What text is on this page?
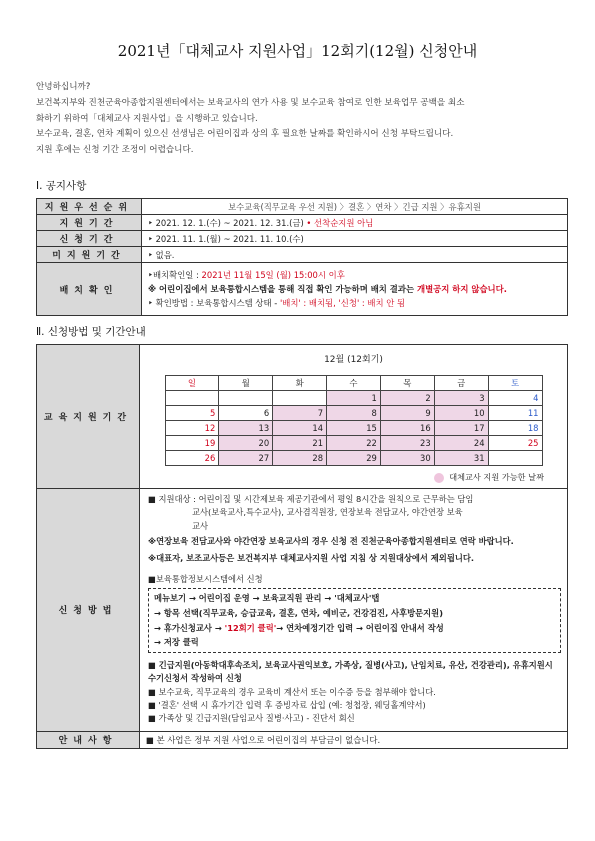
2021년「대체교사 지원사업」12회기(12월) 신청안내

안녕하십니까?

보건복지부와 진천군육아종합지원센터에서는 보육교사의 연가 사용 및 보수교육 참여로 인한 보육업무 공백을 최소

화하기 위하여「대체교사 지원사업」을 시행하고 있습니다.

보수교육, 결혼, 연차 계획이 있으신 선생님은 어린이집과 상의 후 필요한 날짜를 확인하시어 신청 부탁드립니다.

지원 후에는 신청 기간 조정이 어렵습니다.

Ⅰ. 공지사항
지원우선순위	보수교육(직무교육 우선 지원) 〉결혼 〉연차 〉긴급 지원 〉유휴지원
지원기간	‣ 2021. 12. 1.(수) ~ 2021. 12. 31.(금) • 선착순지원 아님
신청기간	‣ 2021. 11. 1.(월) ~ 2021. 11. 10.(수)
미지원기간	‣ 없음.
배치확인	‣배치확인일 : 2021년 11월 15일 (월) 15:00시 이후
※ 어린이집에서 보육통합시스템을 통해 직접 확인 가능하며 배치 결과는 개별공지 하지 않습니다.
‣ 확인방법 : 보육통합시스템 상태 - '배치' : 배치됨, '신청' : 배치 안 됨
Ⅱ. 신청방법 및 기간안내
교육지원기간	
12월 (12회기)
일	월	화	수	목	금	토
			1	2	3	4
5	6	7	8	9	10	11
12	13	14	15	16	17	18
19	20	21	22	23	24	25
26	27	28	29	30	31	
대체교사 지원 가능한 날짜

신청방법	

■ 지원대상 : 어린이집 및 시간제보육 제공기관에서 평일 8시간을 원칙으로 근무하는 담임

교사(보육교사,특수교사), 교사겸직원장, 연장보육 전담교사, 야간연장 보육

교사

※연장보육 전담교사와 야간연장 보육교사의 경우 신청 전 진천군육아종합지원센터로 연락 바랍니다.

※대표자, 보조교사등은 보건복지부 대체교사지원 사업 지침 상 지원대상에서 제외됩니다.

■보육통합정보시스템에서 신청

메뉴보기 → 어린이집 운영 → 보육교직원 관리 → '대체교사'탭
→ 항목 선택(직무교육, 승급교육, 결혼, 연차, 예비군, 건강검진, 사후방문지원)
→ 휴가신청교사 → '12회기 클릭'→ 연차예정기간 입력 → 어린이집 안내서 작성
→ 저장 클릭

■ 긴급지원(아동학대후속조치, 보육교사권익보호, 가족상, 질병(사고), 난임치료, 유산, 건강관리), 유휴지원시 수기신청서 작성하여 신청

■ 보수교육, 직무교육의 경우 교육비 계산서 또는 이수증 등을 첨부해야 합니다.

■ '결혼' 선택 시 휴가기간 입력 후 증빙자료 삽입 (예: 청첩장, 웨딩홀계약서)

■ 가족상 및 긴급지원(담임교사 질병·사고) - 진단서 회신

안내사항	■ 본 사업은 정부 지원 사업으로 어린이집의 부담금이 없습니다.
